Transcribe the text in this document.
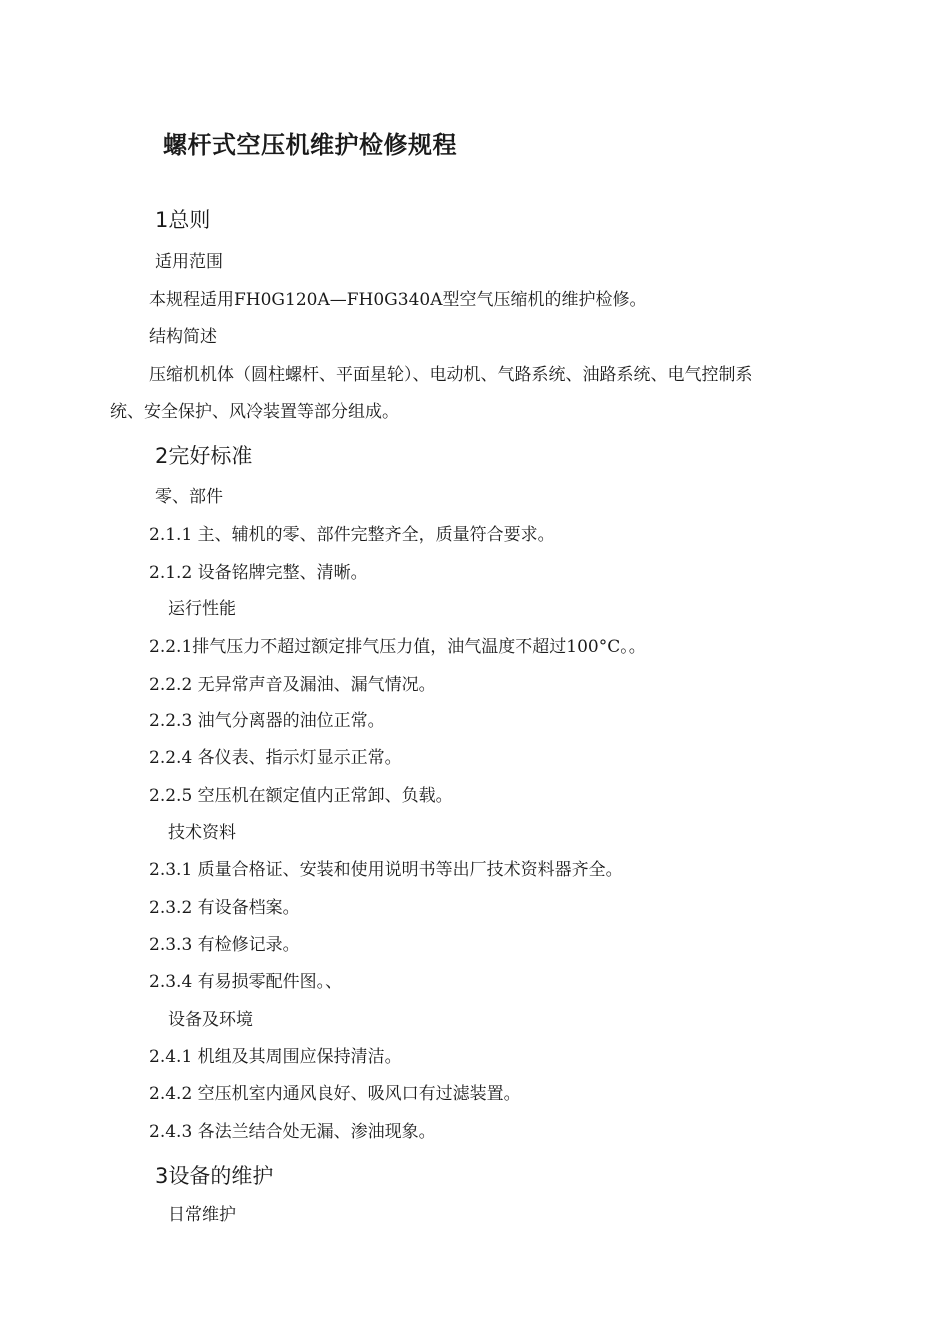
螺杆式空压机维护检修规程
1总则
适用范围
本规程适用FH0G120A—FH0G340A型空气压缩机的维护检修。
结构简述
压缩机机体（圆柱螺杆、平面星轮）、电动机、气路系统、油路系统、电气控制系
统、安全保护、风冷装置等部分组成。
2完好标准
零、部件
2.1.1 主、辅机的零、部件完整齐全，质量符合要求。
2.1.2 设备铭牌完整、清晰。
运行性能
2.2.1排气压力不超过额定排气压力值，油气温度不超过100°C。。
2.2.2 无异常声音及漏油、漏气情况。
2.2.3 油气分离器的油位正常。
2.2.4 各仪表、指示灯显示正常。
2.2.5 空压机在额定值内正常卸、负载。
技术资料
2.3.1 质量合格证、安装和使用说明书等出厂技术资料器齐全。
2.3.2 有设备档案。
2.3.3 有检修记录。
2.3.4 有易损零配件图。、
设备及环境
2.4.1 机组及其周围应保持清洁。
2.4.2 空压机室内通风良好、吸风口有过滤装置。
2.4.3 各法兰结合处无漏、渗油现象。
3设备的维护
日常维护
